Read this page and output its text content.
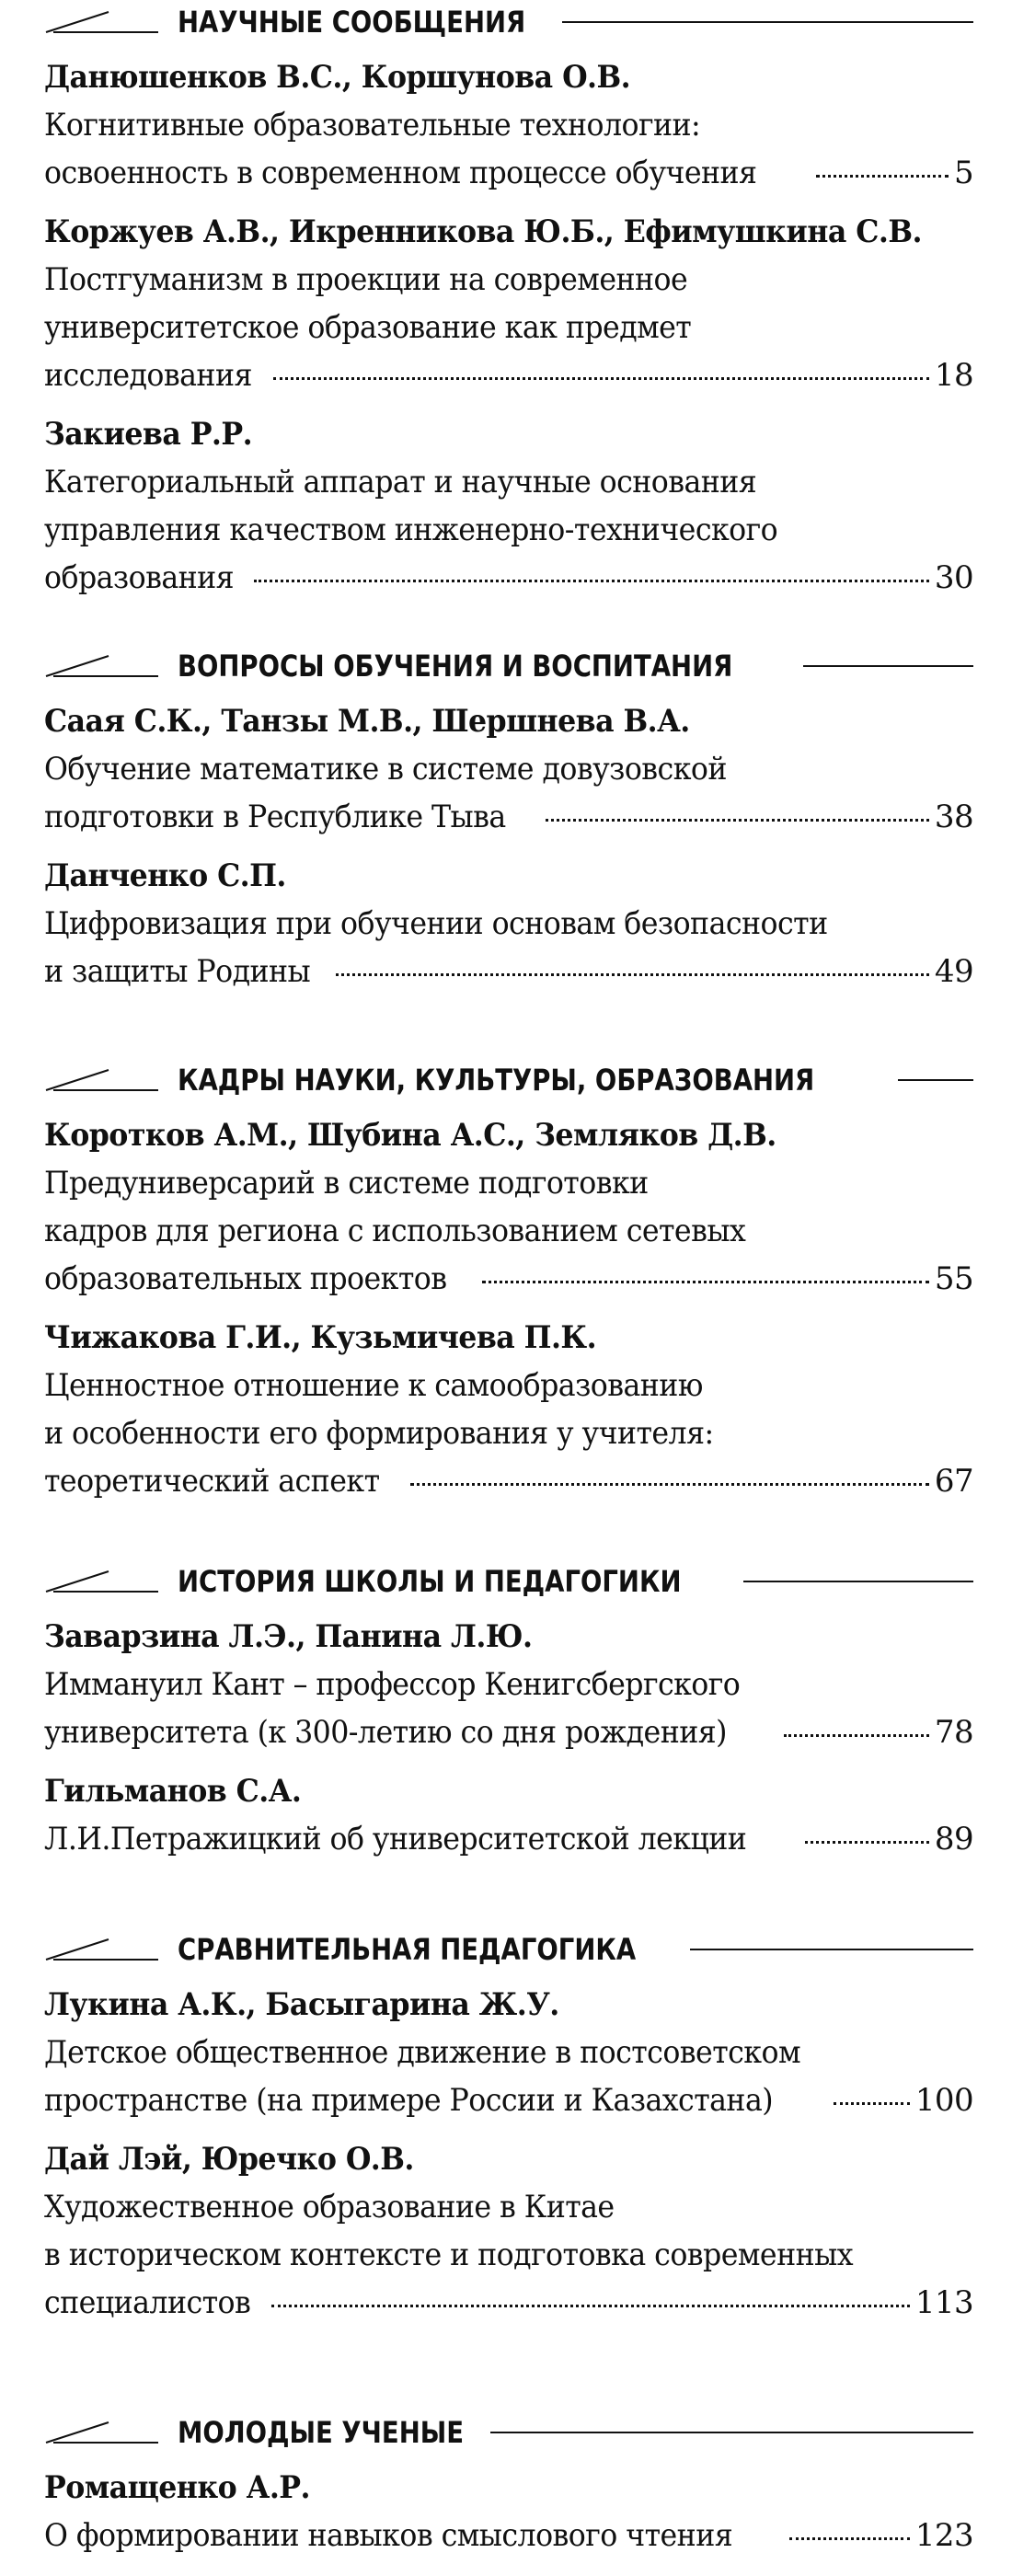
НАУЧНЫЕ СООБЩЕНИЯ
Данюшенков В.С., Коршунова О.В.
Когнитивные образовательные технологии:
освоенность в современном процессе обучения	5
Коржуев А.В., Икренникова Ю.Б., Ефимушкина С.В.
Постгуманизм в проекции на современное
университетское образование как предмет
исследования	18
Закиева Р.Р.
Категориальный аппарат и научные основания
управления качеством инженерно-технического
образования	30
ВОПРОСЫ ОБУЧЕНИЯ И ВОСПИТАНИЯ
Саая С.К., Танзы М.В., Шершнева В.А.
Обучение математике в системе довузовской
подготовки в Республике Тыва	38
Данченко С.П.
Цифровизация при обучении основам безопасности
и защиты Родины	49
КАДРЫ НАУКИ, КУЛЬТУРЫ, ОБРАЗОВАНИЯ
Коротков А.М., Шубина А.С., Земляков Д.В.
Предуниверсарий в системе подготовки
кадров для региона с использованием сетевых
образовательных проектов	55
Чижакова Г.И., Кузьмичева П.К.
Ценностное отношение к самообразованию
и особенности его формирования у учителя:
теоретический аспект	67
ИСТОРИЯ ШКОЛЫ И ПЕДАГОГИКИ
Заварзина Л.Э., Панина Л.Ю.
Иммануил Кант – профессор Кенигсбергского
университета (к 300-летию со дня рождения)	78
Гильманов С.А.
Л.И.Петражицкий об университетской лекции	89
СРАВНИТЕЛЬНАЯ ПЕДАГОГИКА
Лукина А.К., Басыгарина Ж.У.
Детское общественное движение в постсоветском
пространстве (на примере России и Казахстана)	100
Дай Лэй, Юречко О.В.
Художественное образование в Китае
в историческом контексте и подготовка современных
специалистов	113
МОЛОДЫЕ УЧЕНЫЕ
Ромащенко А.Р.
О формировании навыков смыслового чтения	123
